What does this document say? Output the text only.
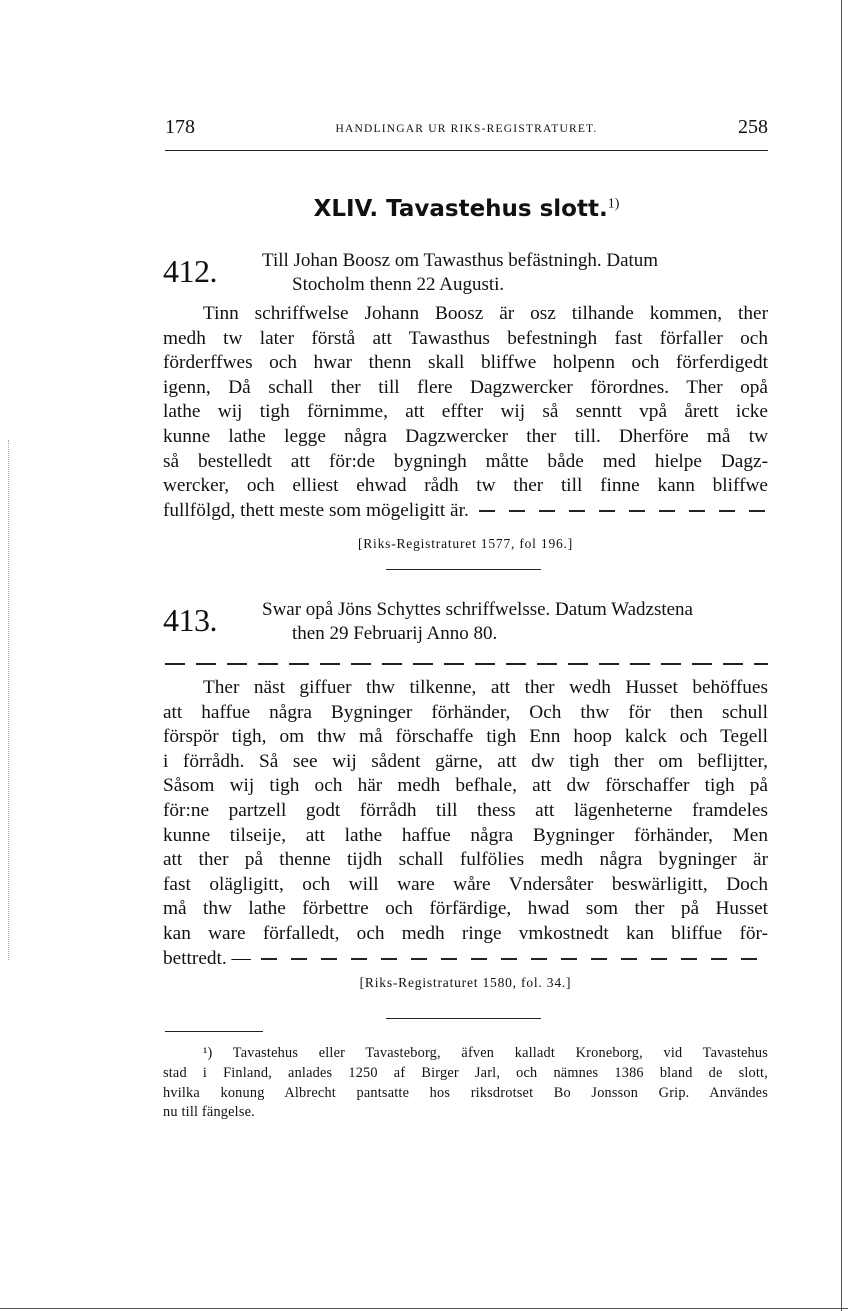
178	HANDLINGAR UR RIKS-REGISTRATURET.	258
XLIV. Tavastehus slott.$^{1)}$
412. Till Johan Boosz om Tawasthus befästningh. Datum
Stocholm thenn 22 Augusti.
Tinn schriffwelse Johann Boosz är osz tilhande kommen, ther
medh tw later förstå att Tawasthus befestningh fast förfaller och
förderffwes och hwar thenn skall bliffwe holpenn och förferdigedt
igenn, Då schall ther till flere Dagzwercker förordnes. Ther opå
lathe wij tigh förnimme, att effter wij så senntt vpå årett icke
kunne lathe legge några Dagzwercker ther till. Dherföre må tw
så bestelledt att för:de bygningh måtte både med hielpe Dagz-
wercker, och elliest ehwad rådh tw ther till finne kann bliffwe
fullfölgd, thett meste som mögeligitt är.
[Riks-Registraturet 1577, fol 196.]
413. Swar opå Jöns Schyttes schriffwelsse. Datum Wadzstena
then 29 Februarij Anno 80.
Ther näst giffuer thw tilkenne, att ther wedh Husset behöffues
att haffue några Bygninger förhänder, Och thw för then schull
förspör tigh, om thw må förschaffe tigh Enn hoop kalck och Tegell
i förrådh. Så see wij sådent gärne, att dw tigh ther om beflijtter,
Såsom wij tigh och här medh befhale, att dw förschaffer tigh på
för:ne partzell godt förrådh till thess att lägenheterne framdeles
kunne tilseije, att lathe haffue några Bygninger förhänder, Men
att ther på thenne tijdh schall fulfölies medh några bygninger är
fast olägligitt, och will ware wåre Vndersåter beswärligitt, Doch
må thw lathe förbettre och förfärdige, hwad som ther på Husset
kan ware förfalledt, och medh ringe vmkostnedt kan bliffue för-
bettredt. —
[Riks-Registraturet 1580, fol. 34.]
¹) Tavastehus eller Tavasteborg, äfven kalladt Kroneborg, vid Tavastehus
stad i Finland, anlades 1250 af Birger Jarl, och nämnes 1386 bland de slott,
hvilka konung Albrecht pantsatte hos riksdrotset Bo Jonsson Grip. Användes
nu till fängelse.
